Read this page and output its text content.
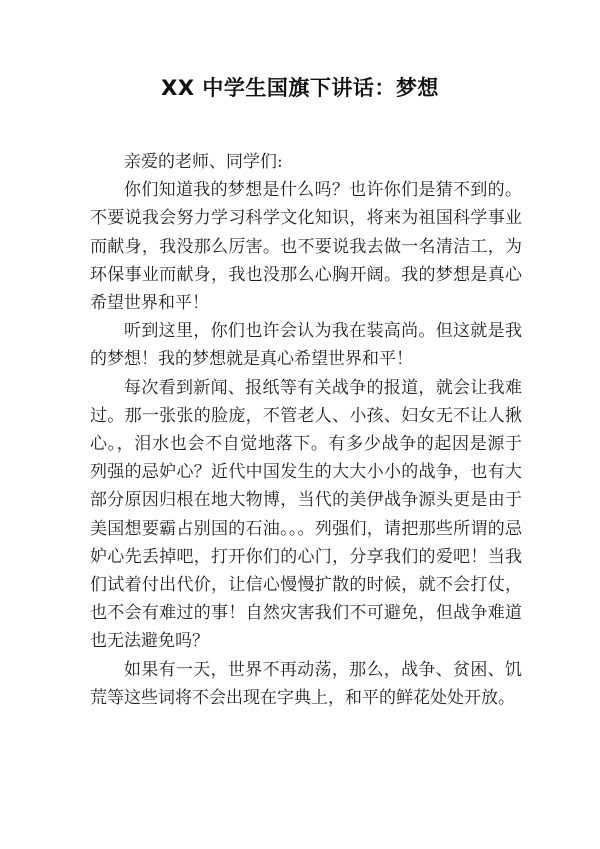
XX 中学生国旗下讲话：梦想

亲爱的老师、同学们:

你们知道我的梦想是什么吗？也许你们是猜不到的。不要说我会努力学习科学文化知识，将来为祖国科学事业而献身，我没那么厉害。也不要说我去做一名清洁工，为环保事业而献身，我也没那么心胸开阔。我的梦想是真心希望世界和平！

听到这里，你们也许会认为我在装高尚。但这就是我的梦想！我的梦想就是真心希望世界和平！

每次看到新闻、报纸等有关战争的报道，就会让我难过。那一张张的脸庞，不管老人、小孩、妇女无不让人揪心。，泪水也会不自觉地落下。有多少战争的起因是源于列强的忌妒心？近代中国发生的大大小小的战争，也有大部分原因归根在地大物博，当代的美伊战争源头更是由于美国想要霸占别国的石油。。。列强们，请把那些所谓的忌妒心先丢掉吧，打开你们的心门，分享我们的爱吧！当我们试着付出代价，让信心慢慢扩散的时候，就不会打仗，也不会有难过的事！自然灾害我们不可避免，但战争难道也无法避免吗？

如果有一天，世界不再动荡，那么，战争、贫困、饥荒等这些词将不会出现在字典上，和平的鲜花处处开放。
